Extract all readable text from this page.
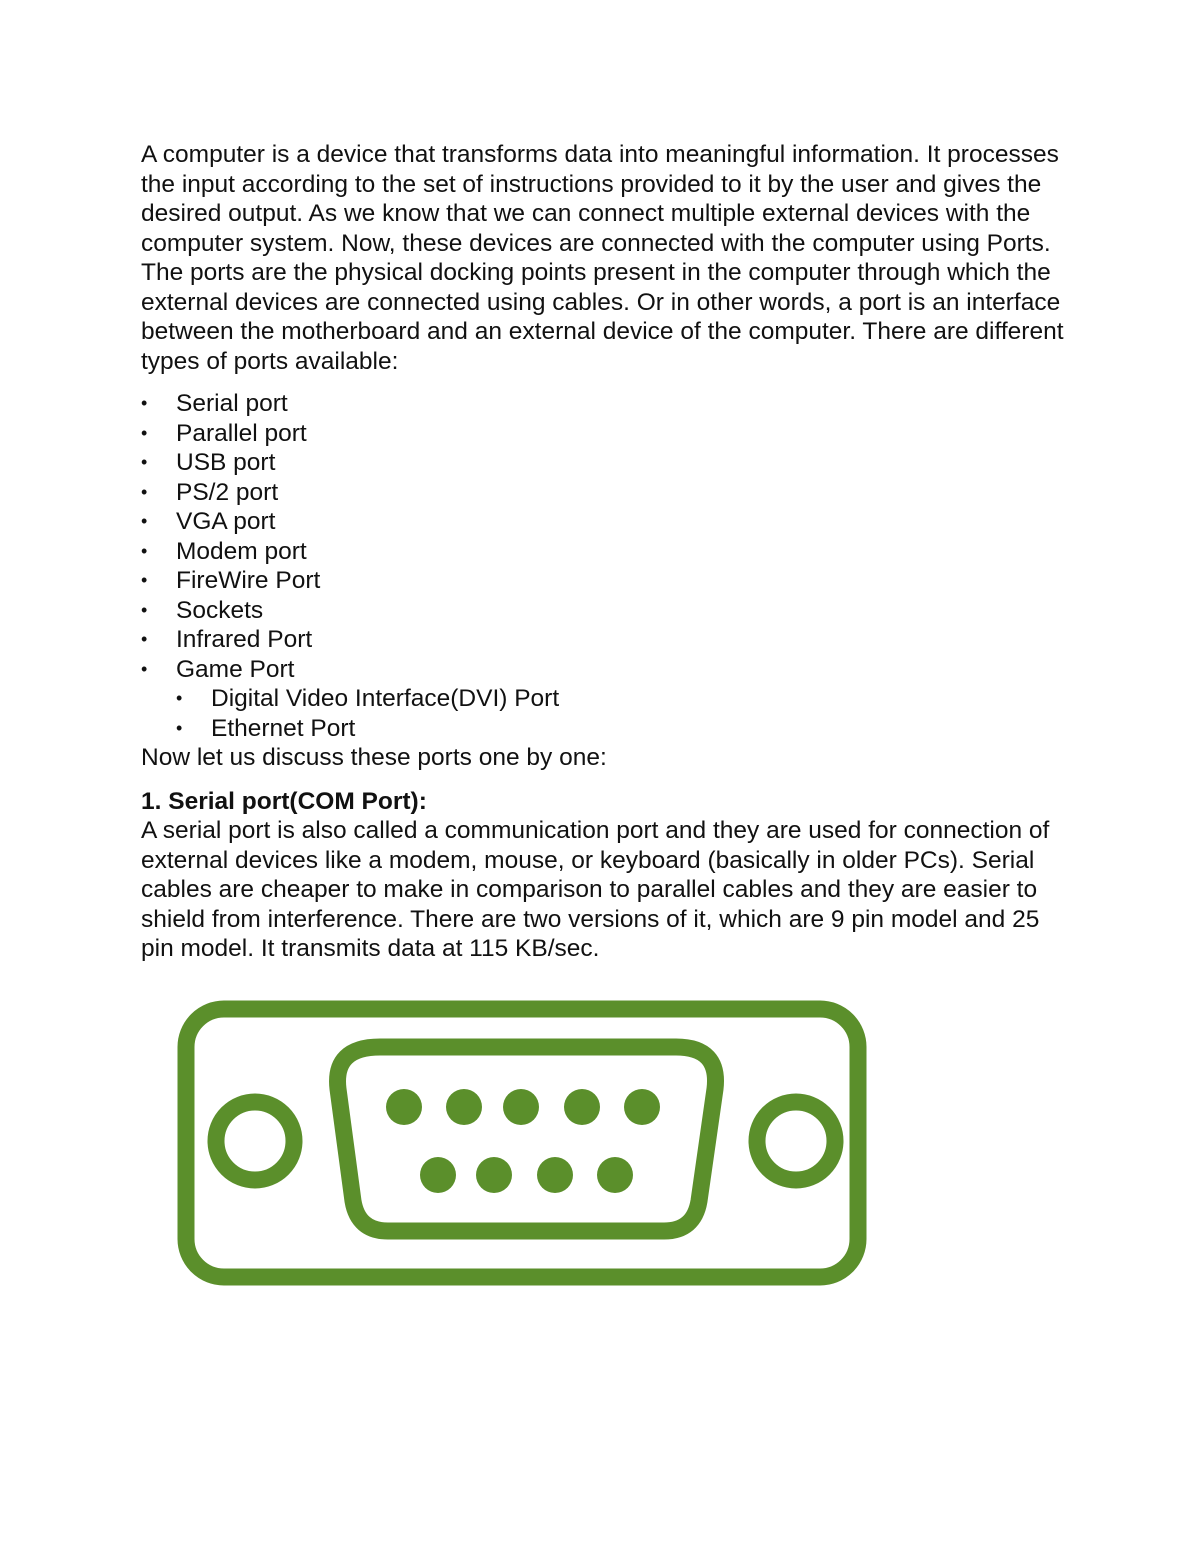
A computer is a device that transforms data into meaningful information. It processes the input according to the set of instructions provided to it by the user and gives the desired output. As we know that we can connect multiple external devices with the computer system. Now, these devices are connected with the computer using Ports. The ports are the physical docking points present in the computer through which the external devices are connected using cables. Or in other words, a port is an interface between the motherboard and an external device of the computer. There are different types of ports available:

• Serial port
• Parallel port
• USB port
• PS/2 port
• VGA port
• Modem port
• FireWire Port
• Sockets
• Infrared Port
• Game Port
• Digital Video Interface(DVI) Port
• Ethernet Port

Now let us discuss these ports one by one:

1. Serial port(COM Port):

A serial port is also called a communication port and they are used for connection of external devices like a modem, mouse, or keyboard (basically in older PCs). Serial cables are cheaper to make in comparison to parallel cables and they are easier to shield from interference. There are two versions of it, which are 9 pin model and 25 pin model. It transmits data at 115 KB/sec.
